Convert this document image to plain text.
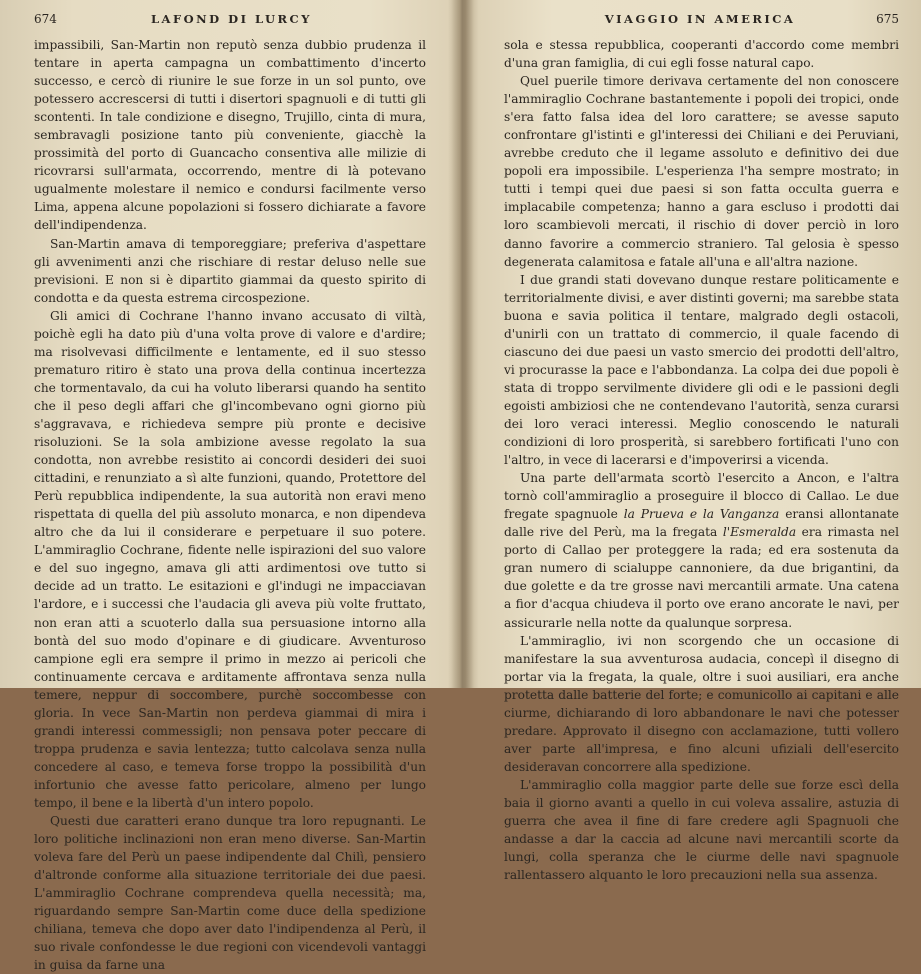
674	LAFOND DI LURCY

impassibili, San-Martin non reputò senza dubbio prudenza il tentare in aperta campagna un combattimento d'incerto successo, e cercò di riunire le sue forze in un sol punto, ove potessero accrescersi di tutti i disertori spagnuoli e di tutti gli scontenti. In tale condizione e disegno, Trujillo, cinta di mura, sembravagli posizione tanto più conveniente, giacchè la prossimità del porto di Guancacho consentiva alle milizie di ricovrarsi sull'armata, occorrendo, mentre di là potevano ugualmente molestare il nemico e condursi facilmente verso Lima, appena alcune popolazioni si fossero dichiarate a favore dell'indipendenza.

San-Martin amava di temporeggiare; preferiva d'aspettare gli avvenimenti anzi che rischiare di restar deluso nelle sue previsioni. E non si è dipartito giammai da questo spirito di condotta e da questa estrema circospezione.

Gli amici di Cochrane l'hanno invano accusato di viltà, poichè egli ha dato più d'una volta prove di valore e d'ardire; ma risolvevasi difficilmente e lentamente, ed il suo stesso prematuro ritiro è stato una prova della continua incertezza che tormentavalo, da cui ha voluto liberarsi quando ha sentito che il peso degli affari che gl'incombevano ogni giorno più s'aggravava, e richiedeva sempre più pronte e decisive risoluzioni. Se la sola ambizione avesse regolato la sua condotta, non avrebbe resistito ai concordi desideri dei suoi cittadini, e renunziato a sì alte funzioni, quando, Protettore del Perù repubblica indipendente, la sua autorità non eravi meno rispettata di quella del più assoluto monarca, e non dipendeva altro che da lui il considerare e perpetuare il suo potere. L'ammiraglio Cochrane, fidente nelle ispirazioni del suo valore e del suo ingegno, amava gli atti ardimentosi ove tutto si decide ad un tratto. Le esitazioni e gl'indugi ne impacciavan l'ardore, e i successi che l'audacia gli aveva più volte fruttato, non eran atti a scuoterlo dalla sua persuasione intorno alla bontà del suo modo d'opinare e di giudicare. Avventuroso campione egli era sempre il primo in mezzo ai pericoli che continuamente cercava e arditamente affrontava senza nulla temere, neppur di soccombere, purchè soccombesse con gloria. In vece San-Martin non perdeva giammai di mira i grandi interessi commessigli; non pensava poter peccare di troppa prudenza e savia lentezza; tutto calcolava senza nulla concedere al caso, e temeva forse troppo la possibilità d'un infortunio che avesse fatto pericolare, almeno per lungo tempo, il bene e la libertà d'un intero popolo.

Questi due caratteri erano dunque tra loro repugnanti. Le loro politiche inclinazioni non eran meno diverse. San-Martin voleva fare del Perù un paese indipendente dal Chilì, pensiero d'altronde conforme alla situazione territoriale dei due paesi. L'ammiraglio Cochrane comprendeva quella necessità; ma, riguardando sempre San-Martin come duce della spedizione chiliana, temeva che dopo aver dato l'indipendenza al Perù, il suo rivale confondesse le due regioni con vicendevoli vantaggi in guisa da farne una

VIAGGIO IN AMERICA	675

sola e stessa repubblica, cooperanti d'accordo come membri d'una gran famiglia, di cui egli fosse natural capo.

Quel puerile timore derivava certamente del non conoscere l'ammiraglio Cochrane bastantemente i popoli dei tropici, onde s'era fatto falsa idea del loro carattere; se avesse saputo confrontare gl'istinti e gl'interessi dei Chiliani e dei Peruviani, avrebbe creduto che il legame assoluto e definitivo dei due popoli era impossibile. L'esperienza l'ha sempre mostrato; in tutti i tempi quei due paesi si son fatta occulta guerra e implacabile competenza; hanno a gara escluso i prodotti dai loro scambievoli mercati, il rischio di dover perciò in loro danno favorire a commercio straniero. Tal gelosia è spesso degenerata calamitosa e fatale all'una e all'altra nazione.

I due grandi stati dovevano dunque restare politicamente e territorialmente divisi, e aver distinti governi; ma sarebbe stata buona e savia politica il tentare, malgrado degli ostacoli, d'unirli con un trattato di commercio, il quale facendo di ciascuno dei due paesi un vasto smercio dei prodotti dell'altro, vi procurasse la pace e l'abbondanza. La colpa dei due popoli è stata di troppo servilmente dividere gli odi e le passioni degli egoisti ambiziosi che ne contendevano l'autorità, senza curarsi dei loro veraci interessi. Meglio conoscendo le naturali condizioni di loro prosperità, si sarebbero fortificati l'uno con l'altro, in vece di lacerarsi e d'impoverirsi a vicenda.

Una parte dell'armata scortò l'esercito a Ancon, e l'altra tornò coll'ammiraglio a proseguire il blocco di Callao. Le due fregate spagnuole la Prueva e la Vanganza eransi allontanate dalle rive del Perù, ma la fregata l'Esmeralda era rimasta nel porto di Callao per proteggere la rada; ed era sostenuta da gran numero di scialuppe cannoniere, da due brigantini, da due golette e da tre grosse navi mercantili armate. Una catena a fior d'acqua chiudeva il porto ove erano ancorate le navi, per assicurarle nella notte da qualunque sorpresa.

L'ammiraglio, ivi non scorgendo che un occasione di manifestare la sua avventurosa audacia, concepì il disegno di portar via la fregata, la quale, oltre i suoi ausiliari, era anche protetta dalle batterie del forte; e comunicollo ai capitani e alle ciurme, dichiarando di loro abbandonare le navi che potesser predare. Approvato il disegno con acclamazione, tutti vollero aver parte all'impresa, e fino alcuni ufiziali dell'esercito desideravan concorrere alla spedizione.

L'ammiraglio colla maggior parte delle sue forze escì della baia il giorno avanti a quello in cui voleva assalire, astuzia di guerra che avea il fine di fare credere agli Spagnuoli che andasse a dar la caccia ad alcune navi mercantili scorte da lungi, colla speranza che le ciurme delle navi spagnuole rallentassero alquanto le loro precauzioni nella sua assenza.
